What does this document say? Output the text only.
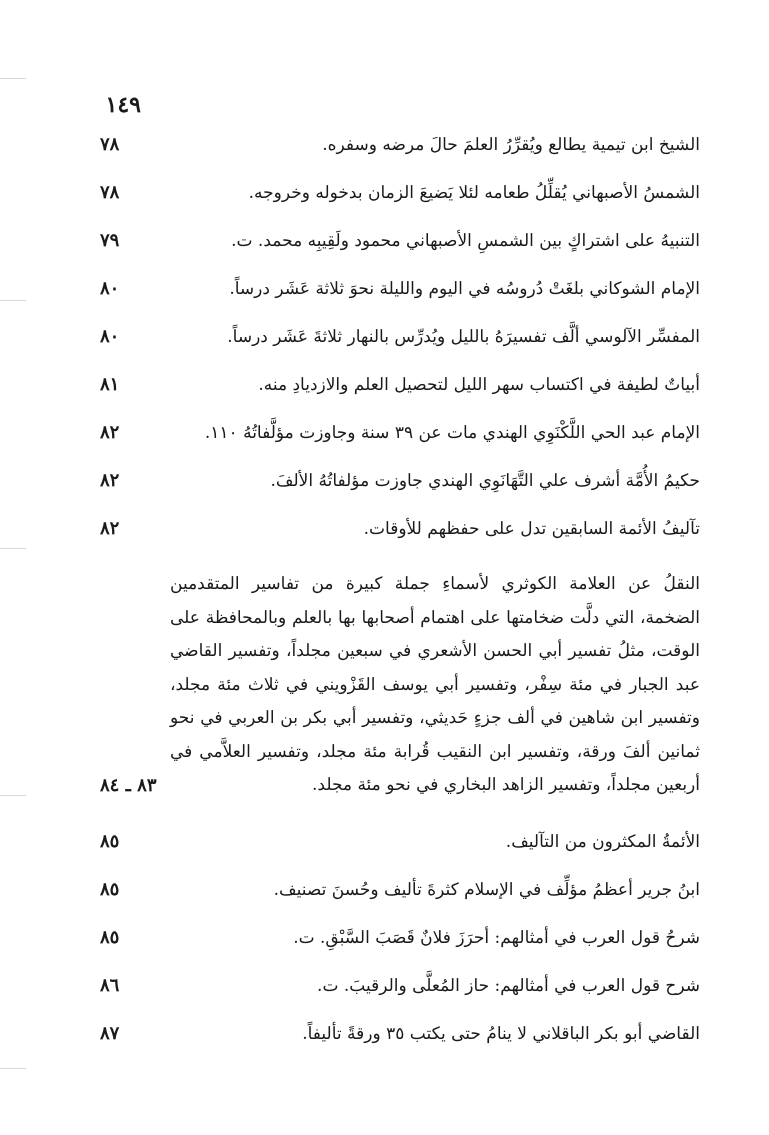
١٤٩
الشيخ ابن تيمية يطالع ويُقرِّرُ العلمَ حالَ مرضه وسفره.
٧٨
الشمسُ الأصبهاني يُقلِّلُ طعامه لئلا يَضيعَ الزمان بدخوله وخروجه.
٧٨
التنبيهُ على اشتراكٍ بين الشمسِ الأصبهاني محمود ولَقِيبِه محمد. ت.
٧٩
الإمام الشوكاني بلغَتْ دُروسُه في اليوم والليلة نحوَ ثلاثة عَشَر درساً.
٨٠
المفسِّر الآلوسي ألَّف تفسيرَهُ بالليل ويُدرِّس بالنهار ثلاثةَ عَشَر درساً.
٨٠
أبياتٌ لطيفة في اكتساب سهر الليل لتحصيل العلم والازديادِ منه.
٨١
الإمام عبد الحي اللَّكْنَوِي الهندي مات عن ٣٩ سنة وجاوزت مؤلَّفاتُهُ ١١٠.
٨٢
حكيمُ الأُمَّة أشرف علي التَّهَانَوِي الهندي جاوزت مؤلفاتُهُ الألفَ.
٨٢
تآليفُ الأئمة السابقين تدل على حفظهم للأوقات.
٨٢
النقلُ عن العلامة الكوثري لأسماءِ جملة كبيرة من تفاسير المتقدمين الضخمة، التي دلَّت ضخامتها على اهتمام أصحابها بها بالعلم وبالمحافظة على الوقت، مثلُ تفسير أبي الحسن الأشعري في سبعين مجلداً، وتفسير القاضي عبد الجبار في مئة سِفْر، وتفسير أبي يوسف القَزْويني في ثلاث مئة مجلد، وتفسير ابن شاهين في ألف جزءٍ حَديثي، وتفسير أبي بكر بن العربي في نحو ثمانين ألفَ ورقة، وتفسير ابن النقيب قُرابة مئة مجلد، وتفسير العلاَّمي في أربعين مجلداً، وتفسير الزاهد البخاري في نحو مئة مجلد.
٨٣ ـ ٨٤
الأئمةُ المكثرون من التآليف.
٨٥
ابنُ جرير أعظمُ مؤلِّف في الإسلام كثرةَ تأليف وحُسنَ تصنيف.
٨٥
شرحُ قول العرب في أمثالهم: أحرَزَ فلانٌ قَصَبَ السَّبْقِ. ت.
٨٥
شرح قول العرب في أمثالهم: حاز المُعلَّى والرقيبَ. ت.
٨٦
القاضي أبو بكر الباقلاني لا ينامُ حتى يكتب ٣٥ ورقةً تأليفاً.
٨٧
